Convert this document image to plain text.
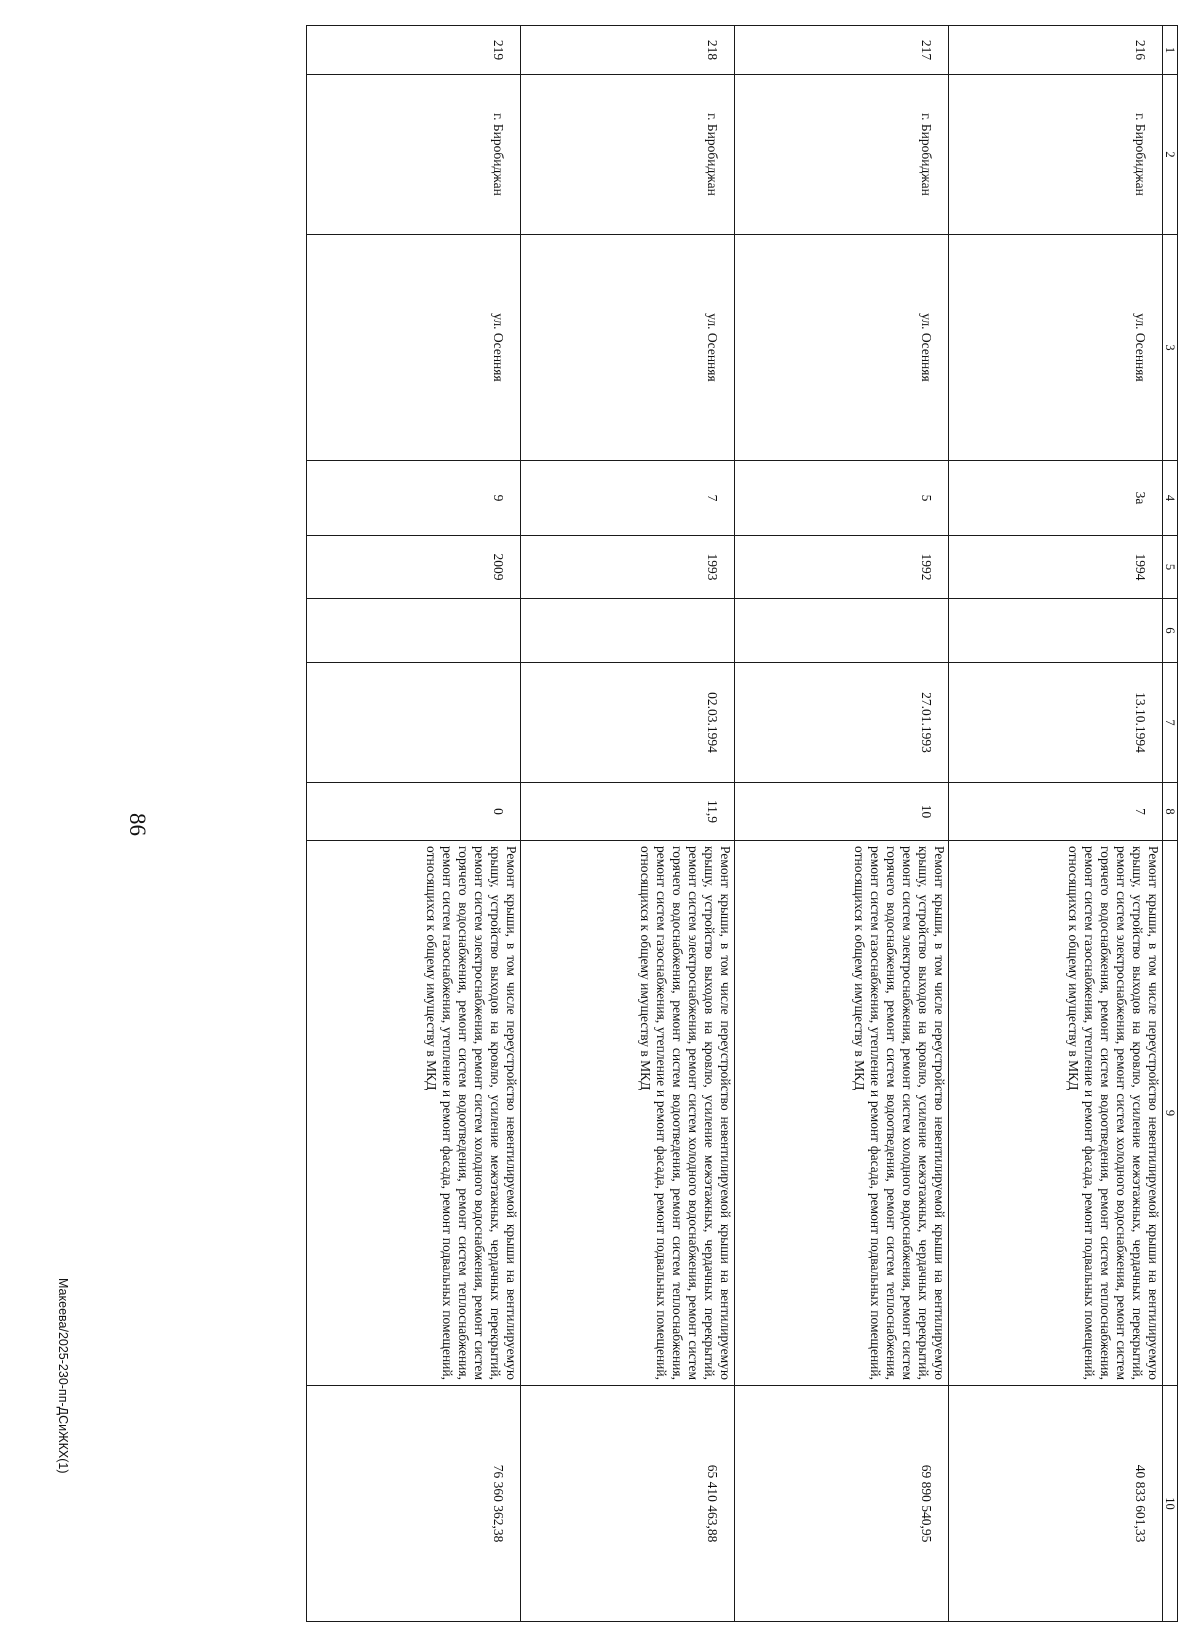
1	2	3	4	5	6	7	8	9	10
216	г. Биробиджан	ул. Осенняя	3а	1994		13.10.1994	7	Ремонт крыши, в том числе переустройство невентилируемой крыши на вентилируемую крышу, устройство выходов на кровлю, усиление межэтажных, чердачных перекрытий, ремонт систем электроснабжения, ремонт систем холодного водоснабжения, ремонт систем горячего водоснабжения, ремонт систем водоотведения, ремонт систем теплоснабжения, ремонт систем газоснабжения, утепление и ремонт фасада, ремонт подвальных помещений, относящихся к общему имуществу в МКД	40 833 601,33
217	г. Биробиджан	ул. Осенняя	5	1992		27.01.1993	10	Ремонт крыши, в том числе переустройство невентилируемой крыши на вентилируемую крышу, устройство выходов на кровлю, усиление межэтажных, чердачных перекрытий, ремонт систем электроснабжения, ремонт систем холодного водоснабжения, ремонт систем горячего водоснабжения, ремонт систем водоотведения, ремонт систем теплоснабжения, ремонт систем газоснабжения, утепление и ремонт фасада, ремонт подвальных помещений, относящихся к общему имуществу в МКД	69 890 540,95
218	г. Биробиджан	ул. Осенняя	7	1993		02.03.1994	11,9	Ремонт крыши, в том числе переустройство невентилируемой крыши на вентилируемую крышу, устройство выходов на кровлю, усиление межэтажных, чердачных перекрытий, ремонт систем электроснабжения, ремонт систем холодного водоснабжения, ремонт систем горячего водоснабжения, ремонт систем водоотведения, ремонт систем теплоснабжения, ремонт систем газоснабжения, утепление и ремонт фасада, ремонт подвальных помещений, относящихся к общему имуществу в МКД	65 410 463,88
219	г. Биробиджан	ул. Осенняя	9	2009			0	Ремонт крыши, в том числе переустройство невентилируемой крыши на вентилируемую крышу, устройство выходов на кровлю, усиление межэтажных, чердачных перекрытий, ремонт систем электроснабжения, ремонт систем холодного водоснабжения, ремонт систем горячего водоснабжения, ремонт систем водоотведения, ремонт систем теплоснабжения, ремонт систем газоснабжения, утепление и ремонт фасада, ремонт подвальных помещений, относящихся к общему имуществу в МКД	76 360 362,38
86
Макеева/2025-230-пп-ДСиЖКХ(1)
